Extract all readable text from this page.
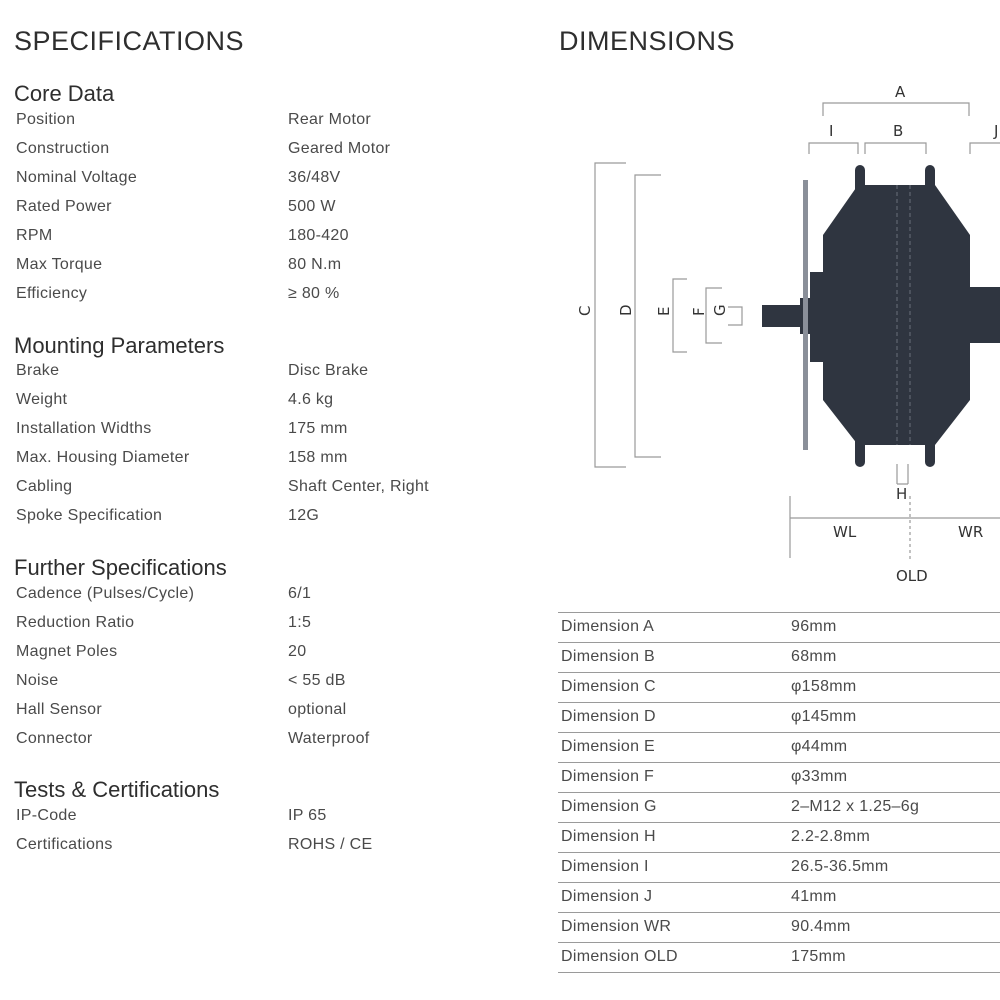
SPECIFICATIONS	DIMENSIONS
Core Data
Position	Rear Motor
Construction	Geared Motor
Nominal Voltage	36/48V
Rated Power	500 W
RPM	180-420
Max Torque	80 N.m
Efficiency	≥ 80 %
Mounting Parameters
Brake	Disc Brake
Weight	4.6 kg
Installation Widths	175 mm
Max. Housing Diameter	158 mm
Cabling	Shaft Center, Right
Spoke Specification	12G
Further Specifications
Cadence (Pulses/Cycle)	6/1
Reduction Ratio	1:5
Magnet Poles	20
Noise	< 55 dB
Hall Sensor	optional
Connector	Waterproof
Tests & Certifications
IP-Code	IP 65
Certifications	ROHS / CE
A
I	B	J
C D E F G
H
WL	WR
OLD
Dimension A	96mm
Dimension B	68mm
Dimension C	φ158mm
Dimension D	φ145mm
Dimension E	φ44mm
Dimension F	φ33mm
Dimension G	2–M12 x 1.25–6g
Dimension H	2.2-2.8mm
Dimension I	26.5-36.5mm
Dimension J	41mm
Dimension WR	90.4mm
Dimension OLD	175mm
